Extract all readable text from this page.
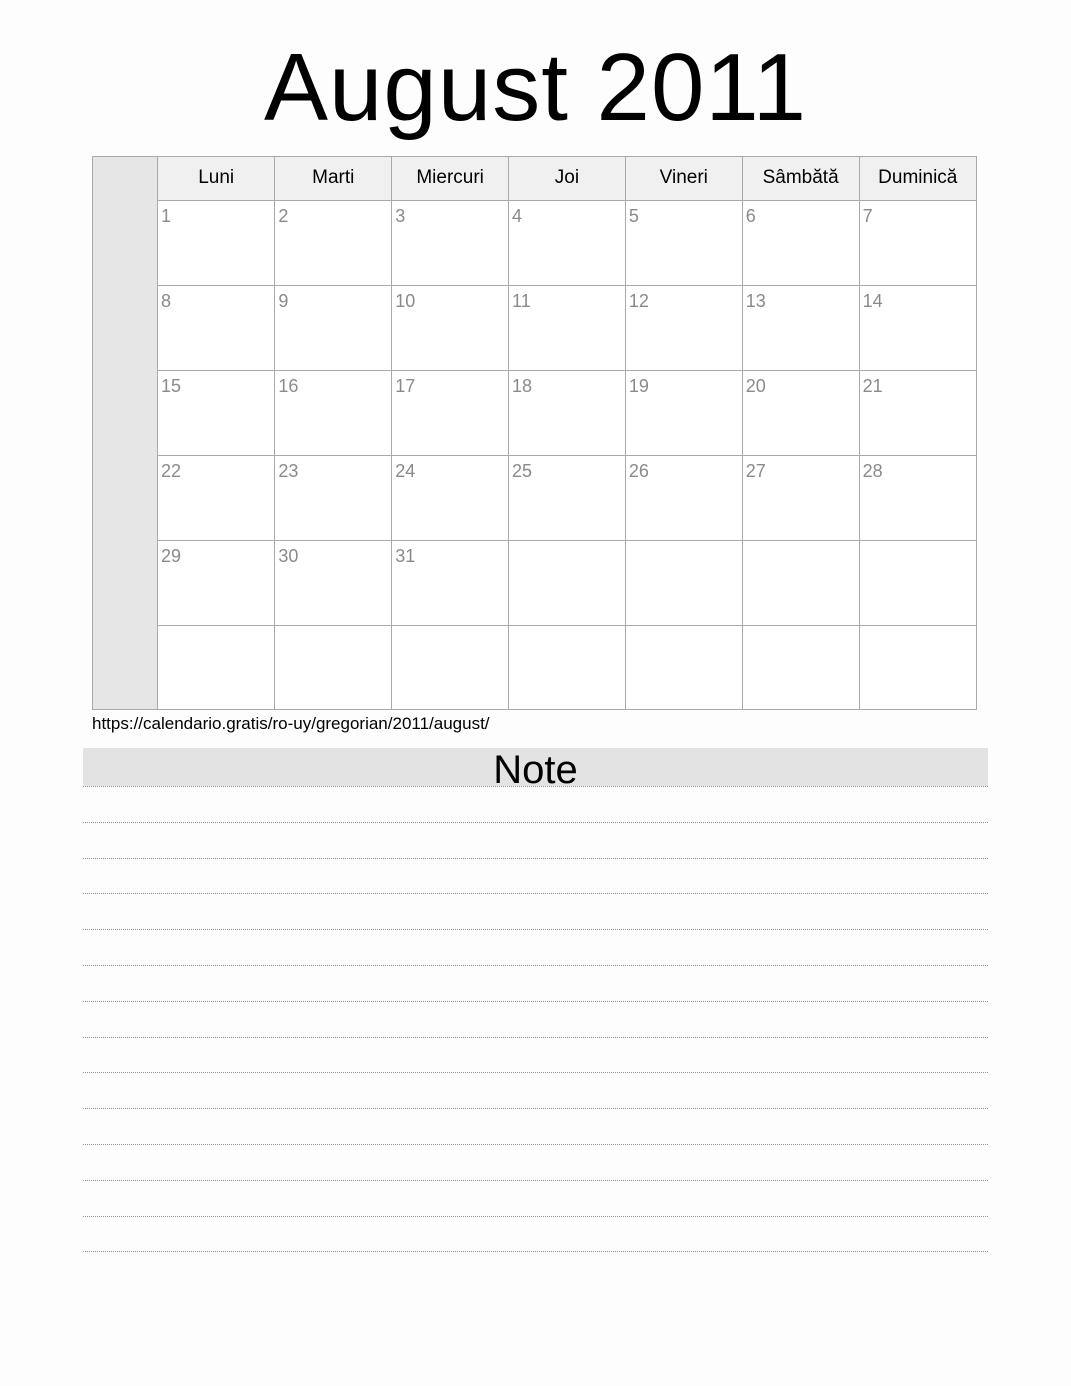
August 2011
Luni	Marti	Miercuri	Joi	Vineri	Sâmbătă	Duminică

1	2	3	4	5	6	7

8	9	10	11	12	13	14

15	16	17	18	19	20	21

22	23	24	25	26	27	28

29	30	31				

https://calendario.gratis/ro-uy/gregorian/2011/august/
Note
